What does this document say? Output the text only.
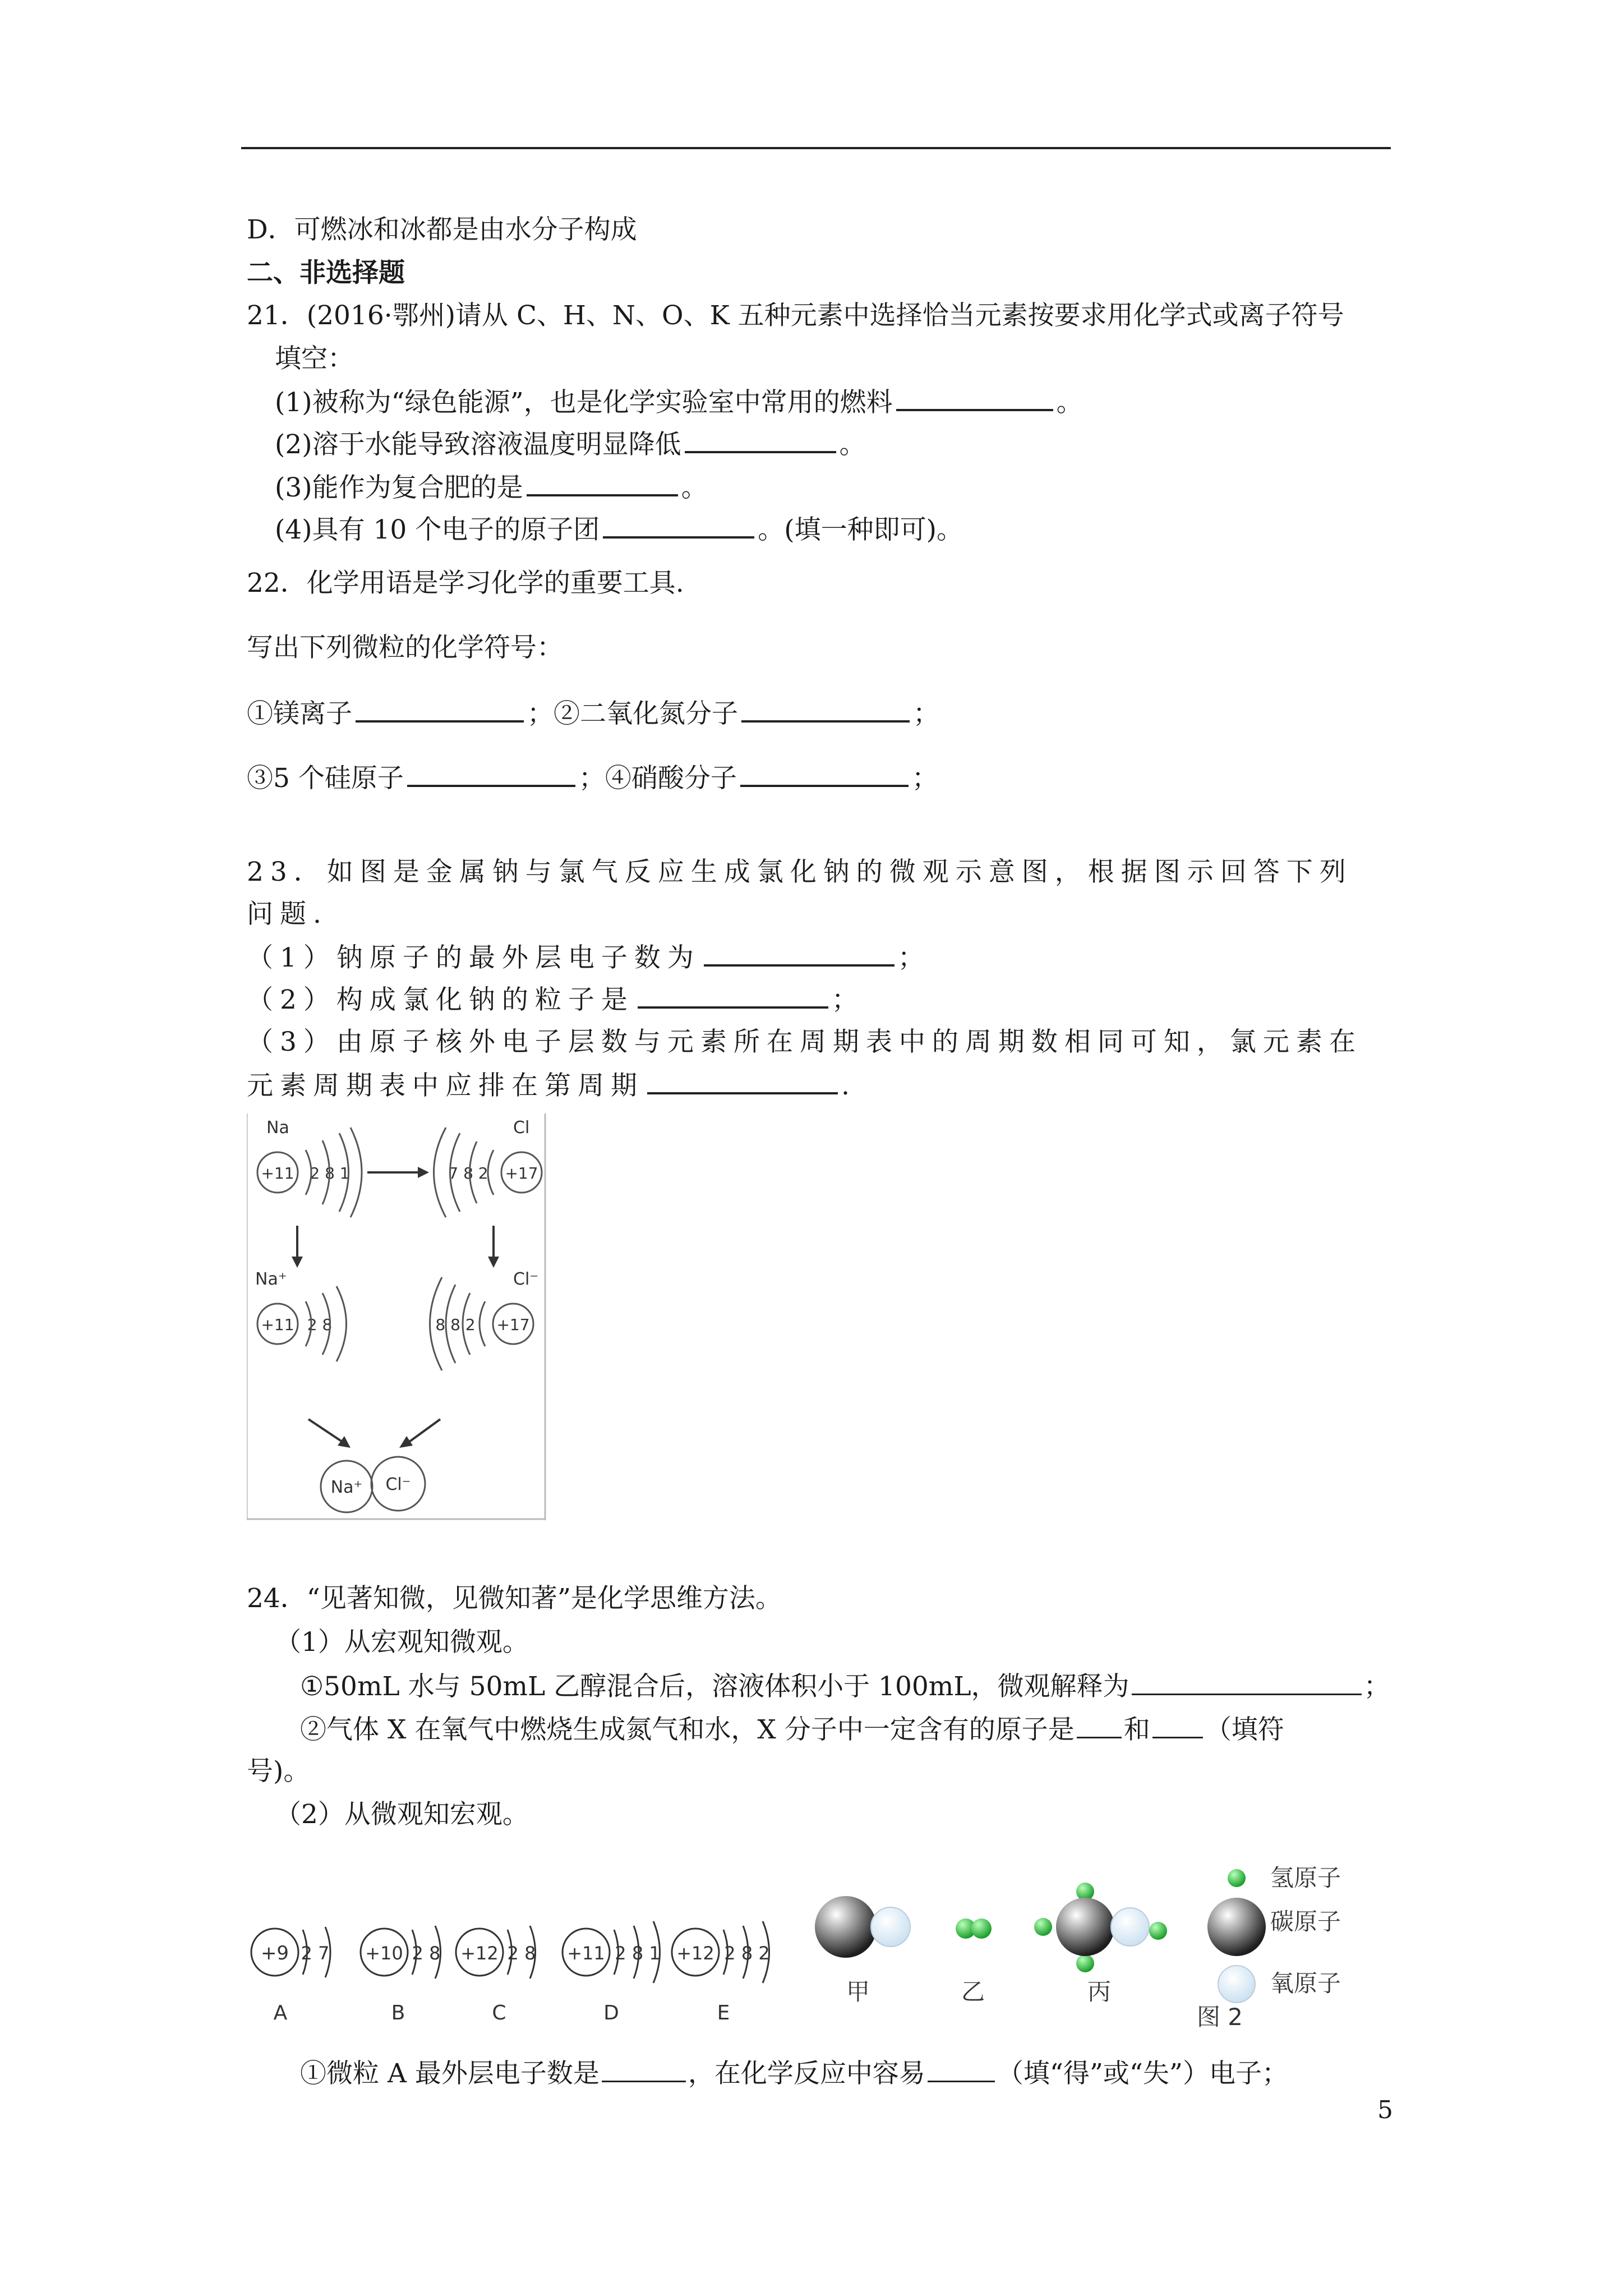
D．可燃冰和冰都是由水分子构成
二、非选择题
21．(2016·鄂州)请从 C、H、N、O、K 五种元素中选择恰当元素按要求用化学式或离子符号
填空：
(1)被称为“绿色能源”，也是化学实验室中常用的燃料	。
(2)溶于水能导致溶液温度明显降低	。
(3)能作为复合肥的是	。
(4)具有 10 个电子的原子团	。(填一种即可)。
22．化学用语是学习化学的重要工具.
写出下列微粒的化学符号：
①镁离子	；②二氧化氮分子	；
③5 个硅原子	；④硝酸分子	；
23．如图是金属钠与氯气反应生成氯化钠的微观示意图，根据图示回答下列
问题.
（1）钠原子的最外层电子数为	；
（2）构成氯化钠的粒子是	；
（3）由原子核外电子层数与元素所在周期表中的周期数相同可知，氯元素在
元素周期表中应排在第周期	.
Na
+11 2 8 1
Cl
+17
7 8 2
Na⁺
+11 2 8
Cl⁻
+17
8 8 2
Na⁺ Cl⁻
24．“见著知微，见微知著”是化学思维方法。
（1）从宏观知微观。
①50mL 水与 50mL 乙醇混合后，溶液体积小于 100mL，微观解释为	；
②气体 X 在氧气中燃烧生成氮气和水，X 分子中一定含有的原子是 和 （填符
号)。
（2）从微观知宏观。
+9 2 7
A
+10 2 8
B
+12 2 8
C
+11 2 8 1
D
+12 2 8 2
E
甲	乙	丙
图 2
氢原子
碳原子
氧原子
①微粒 A 最外层电子数是	，在化学反应中容易	（填“得”或“失”）电子；
5
